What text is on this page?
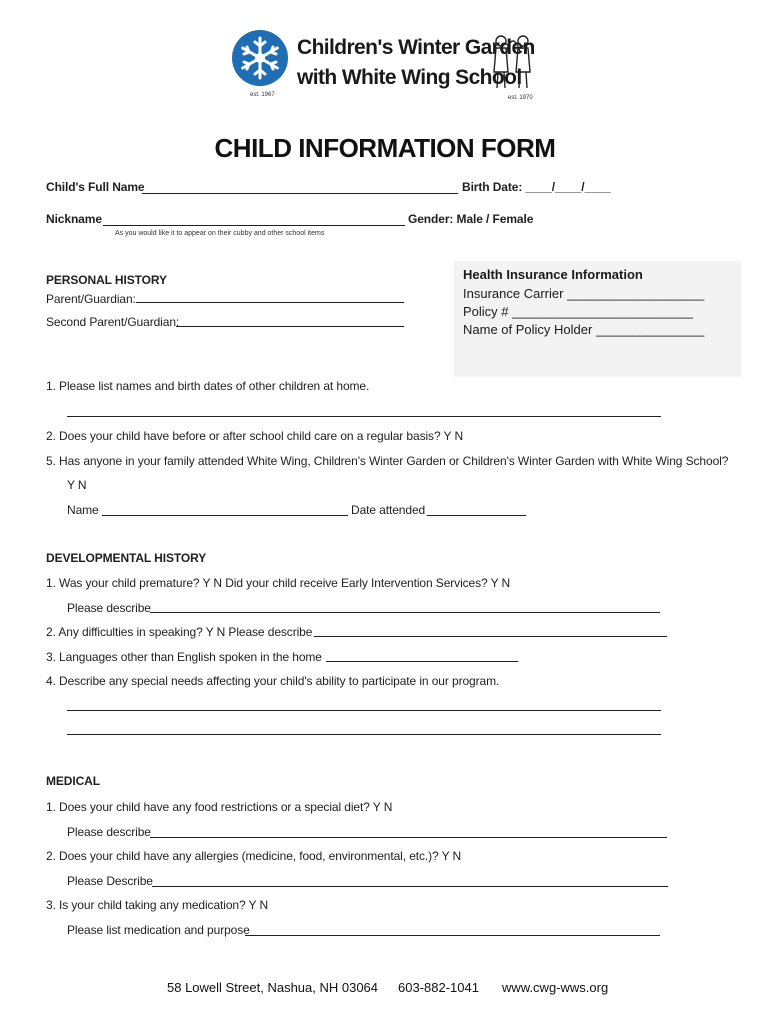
est. 1967
Children's Winter Garden
with White Wing School
est. 1970
CHILD INFORMATION FORM
Child's Full Name	Birth Date: ____/____/____
Nickname	Gender: Male / Female
As you would like it to appear on their cubby and other school items
PERSONAL HISTORY
Parent/Guardian:
Second Parent/Guardian:
Health Insurance Information
Insurance Carrier ___________________
Policy # _________________________
Name of Policy Holder _______________
1. Please list names and birth dates of other children at home.
2. Does your child have before or after school child care on a regular basis? Y N
5. Has anyone in your family attended White Wing, Children's Winter Garden or Children's Winter Garden with White Wing School?
Y N
Name	Date attended
DEVELOPMENTAL HISTORY
1. Was your child premature? Y N Did your child receive Early Intervention Services? Y N
Please describe
2. Any difficulties in speaking? Y N Please describe
3. Languages other than English spoken in the home
4. Describe any special needs affecting your child's ability to participate in our program.
MEDICAL
1. Does your child have any food restrictions or a special diet? Y N
Please describe
2. Does your child have any allergies (medicine, food, environmental, etc.)? Y N
Please Describe
3. Is your child taking any medication? Y N
Please list medication and purpose
58 Lowell Street, Nashua, NH 03064 603-882-1041 www.cwg-wws.org
